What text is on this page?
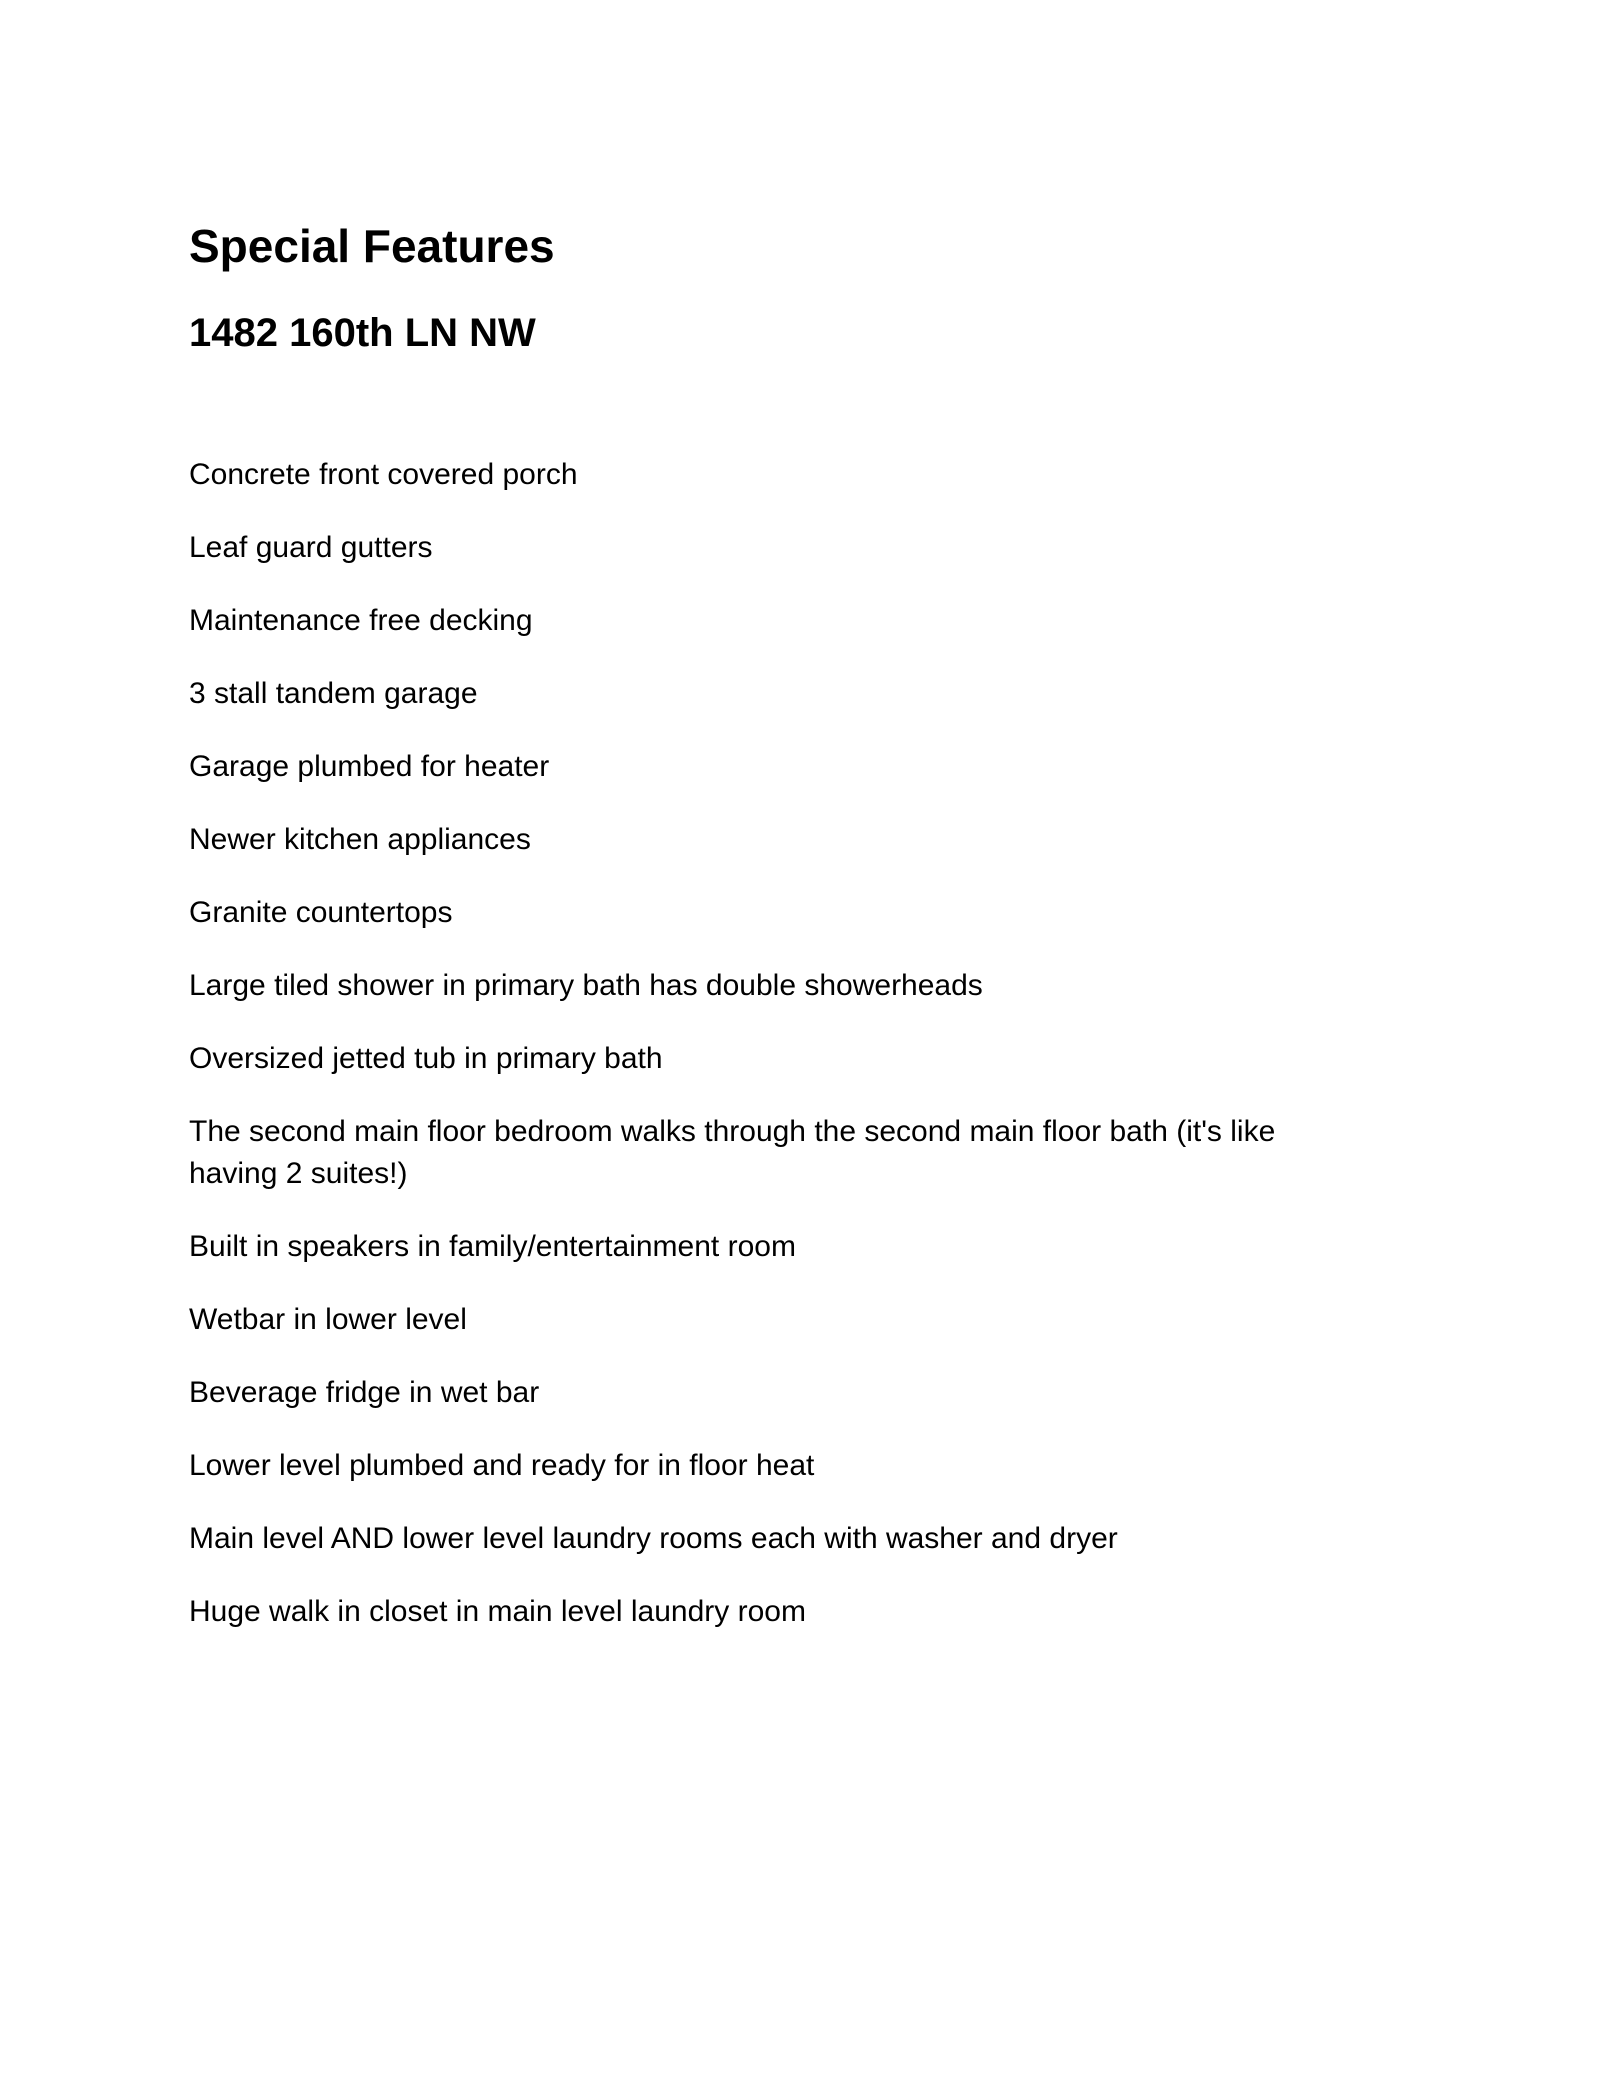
Special Features
1482 160th LN NW
Concrete front covered porch
Leaf guard gutters
Maintenance free decking
3 stall tandem garage
Garage plumbed for heater
Newer kitchen appliances
Granite countertops
Large tiled shower in primary bath has double showerheads
Oversized jetted tub in primary bath
The second main floor bedroom walks through the second main floor bath (it's like having 2 suites!)
Built in speakers in family/entertainment room
Wetbar in lower level
Beverage fridge in wet bar
Lower level plumbed and ready for in floor heat
Main level AND lower level laundry rooms each with washer and dryer
Huge walk in closet in main level laundry room
